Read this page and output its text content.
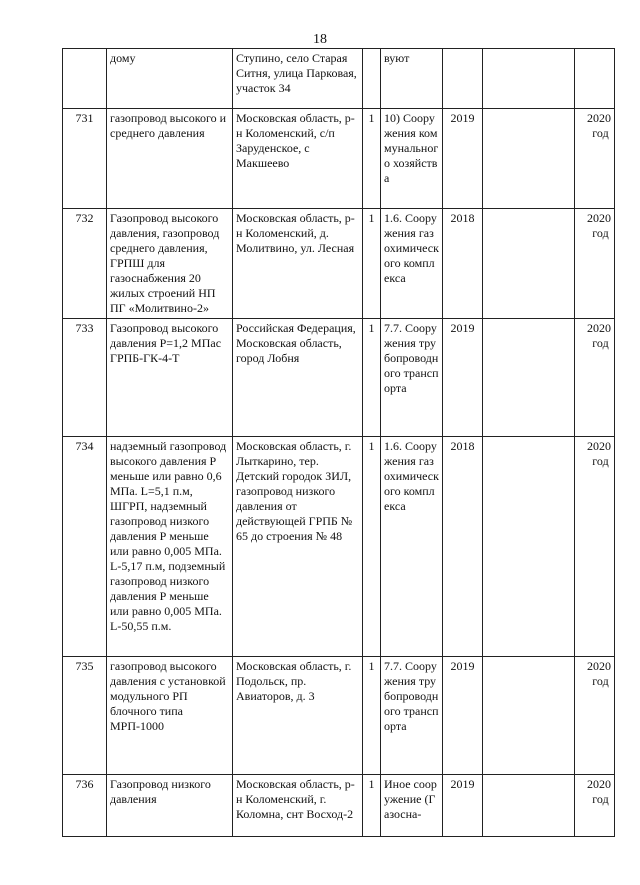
18
	дому	Ступино, село Старая Ситня, улица Парковая, участок 34		вуют			

731	газопровод высокого и среднего давления	Московская область, р-н Коломенский, с/п Заруденское, с Макшеево	1	10) Сооружения коммунального хозяйства	2019		2020
год

732	Газопровод высокого давления, газопровод среднего давления, ГРПШ для газоснабжения 20 жилых строений НП ПГ «Молитвино-2»	Московская область, р-н Коломенский, д. Молитвино, ул. Лесная	1	1.6. Сооружения газохимического комплекса	2018		2020
год

733	Газопровод высокого давления Р=1,2 МПас ГРПБ-ГК-4-Т	Российская Федерация, Московская область, город Лобня	1	7.7. Сооружения трубопроводного транспорта	2019		2020
год

734	надземный газопровод высокого давления Р меньше или равно 0,6 МПа. L=5,1 п.м, ШГРП, надземный газопровод низкого давления Р меньше или равно 0,005 МПа. L-5,17 п.м, подземный газопровод низкого давления Р меньше или равно 0,005 МПа. L-50,55 п.м.	Московская область, г. Лыткарино, тер. Детский городок ЗИЛ, газопровод низкого давления от действующей ГРПБ № 65 до строения № 48	1	1.6. Сооружения газохимического комплекса	2018		2020
год

735	газопровод высокого давления с установкой модульного РП блочного типа МРП-1000	Московская область, г. Подольск, пр. Авиаторов, д. 3	1	7.7. Сооружения трубопроводного транспорта	2019		2020
год

736	Газопровод низкого давления	Московская область, р-н Коломенский, г. Коломна, снт Восход-2	1	Иное сооружение (Газосна-	2019		2020
год
